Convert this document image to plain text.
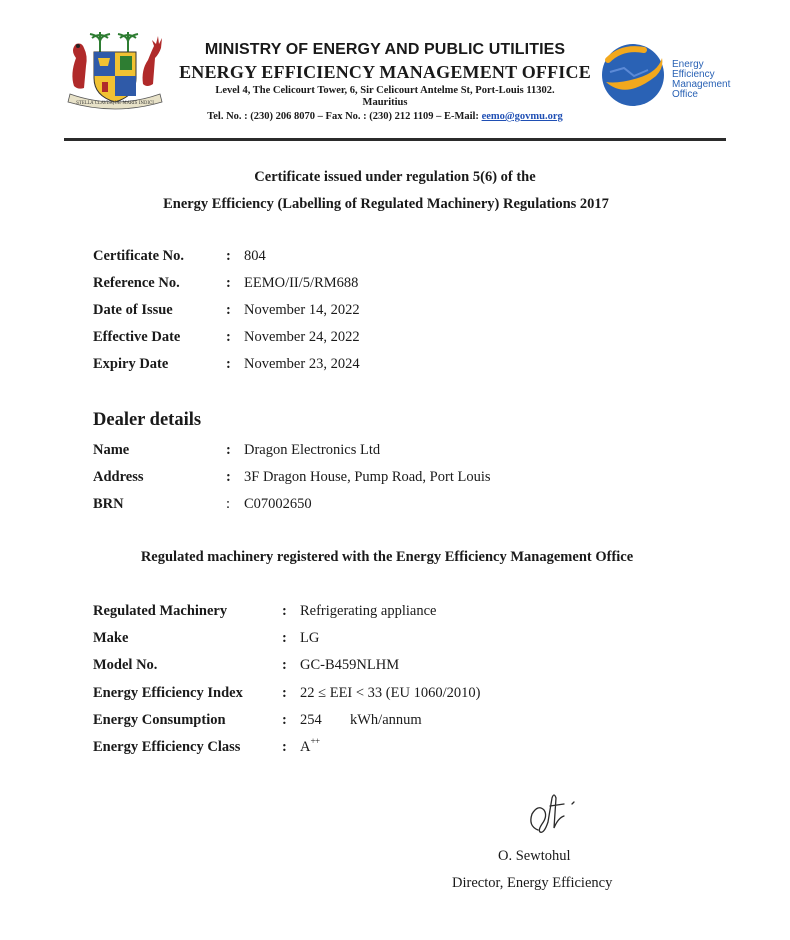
STELLA CLAVISQUE MARIS INDICI
MINISTRY OF ENERGY AND PUBLIC UTILITIES
ENERGY EFFICIENCY MANAGEMENT OFFICE
Level 4, The Celicourt Tower, 6, Sir Celicourt Antelme St, Port-Louis 11302.
Mauritius
Tel. No. : (230) 206 8070 – Fax No. : (230) 212 1109 – E-Mail: eemo@govmu.org
Energy
Efficiency
Management
Office
Certificate issued under regulation 5(6) of the
Energy Efficiency (Labelling of Regulated Machinery) Regulations 2017
Certificate No.	: 804
Reference No.	: EEMO/II/5/RM688
Date of Issue	: November 14, 2022
Effective Date	: November 24, 2022
Expiry Date	: November 23, 2024
Dealer details
Name	: Dragon Electronics Ltd
Address	: 3F Dragon House, Pump Road, Port Louis
BRN	: C07002650
Regulated machinery registered with the Energy Efficiency Management Office
Regulated Machinery	: Refrigerating appliance
Make	: LG
Model No.	: GC-B459NLHM
Energy Efficiency Index	: 22 ≤ EEI < 33 (EU 1060/2010)
Energy Consumption	: 254 kWh/annum
Energy Efficiency Class	: A++
O. Sewtohul
Director, Energy Efficiency
